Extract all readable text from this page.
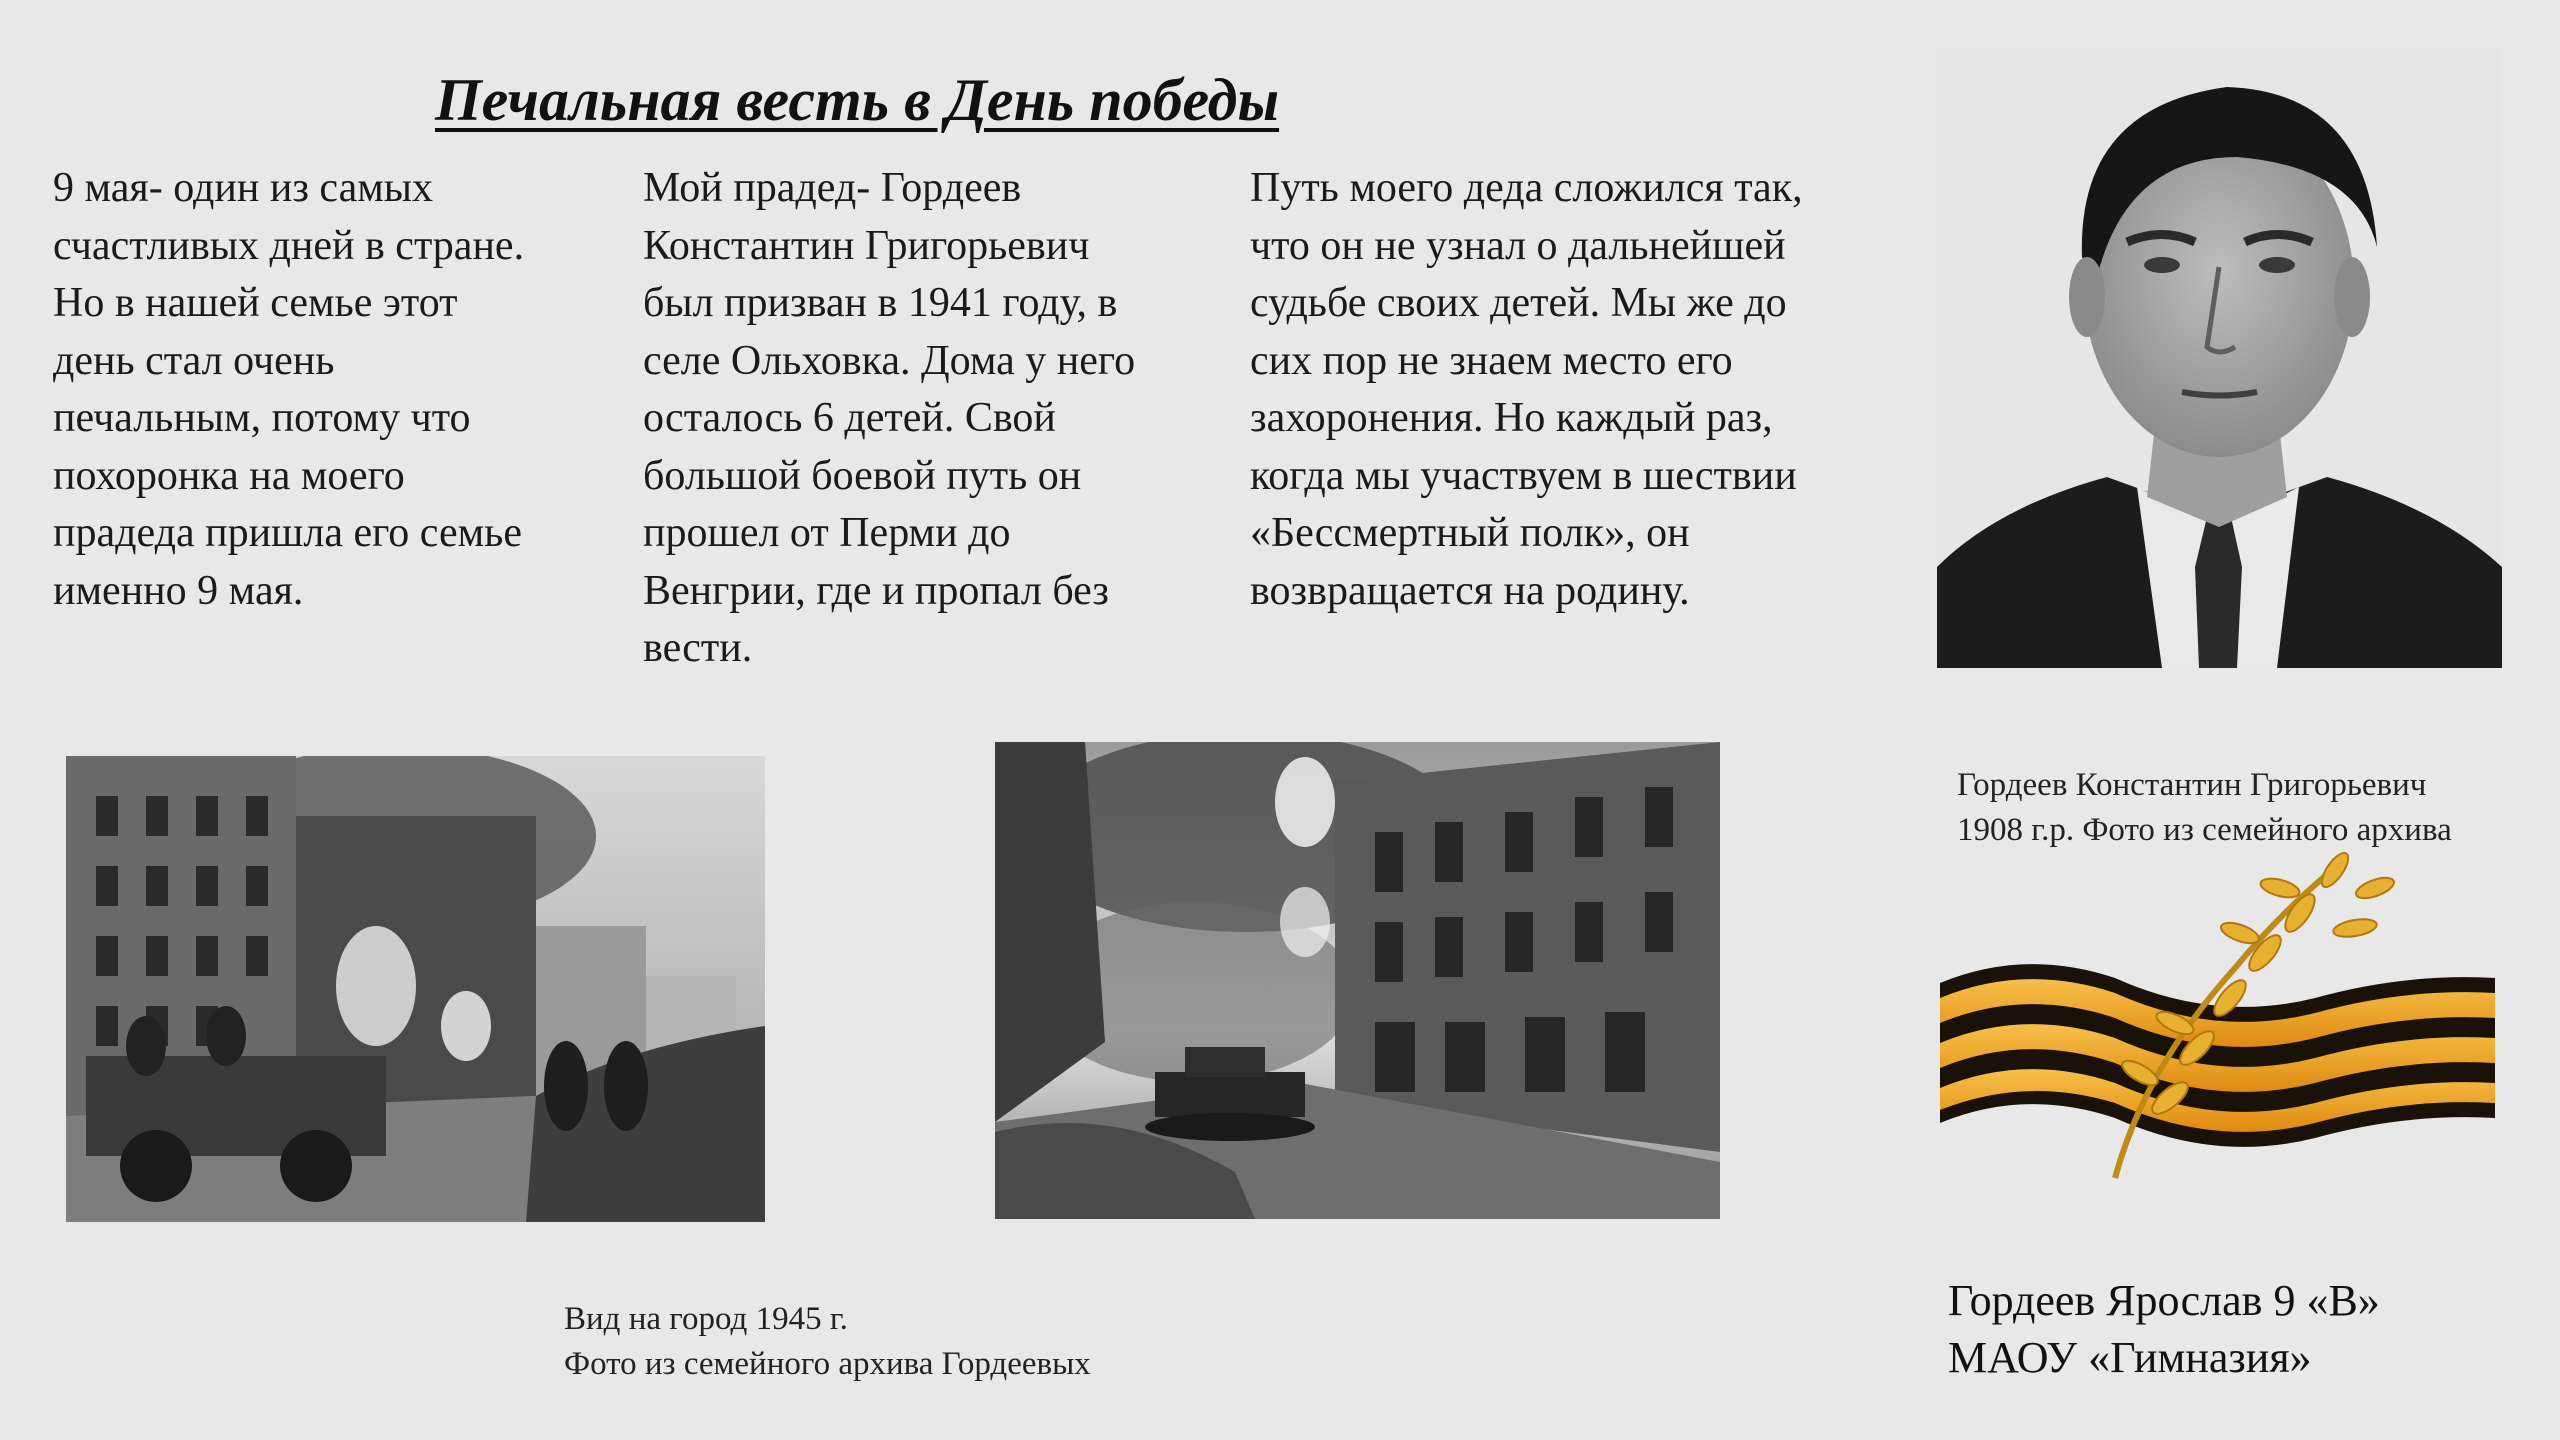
Печальная весть в День победы
9 мая- один из самых
счастливых дней в стране.
Но в нашей семье этот
день стал очень
печальным, потому что
похоронка на моего
прадеда пришла его семье
именно 9 мая.
Мой прадед- Гордеев
Константин Григорьевич
был призван в 1941 году, в
селе Ольховка. Дома у него
осталось 6 детей. Свой
большой боевой путь он
прошел от Перми до
Венгрии, где и пропал без
вести.
Путь моего деда сложился так,
что он не узнал о дальнейшей
судьбе своих детей. Мы же до
сих пор не знаем место его
захоронения. Но каждый раз,
когда мы участвуем в шествии
«Бессмертный полк», он
возвращается на родину.
Гордеев Константин Григорьевич
1908 г.р. Фото из семейного архива
Вид на город 1945 г.
Фото из семейного архива Гордеевых
Гордеев Ярослав 9 «В»
МАОУ «Гимназия»
